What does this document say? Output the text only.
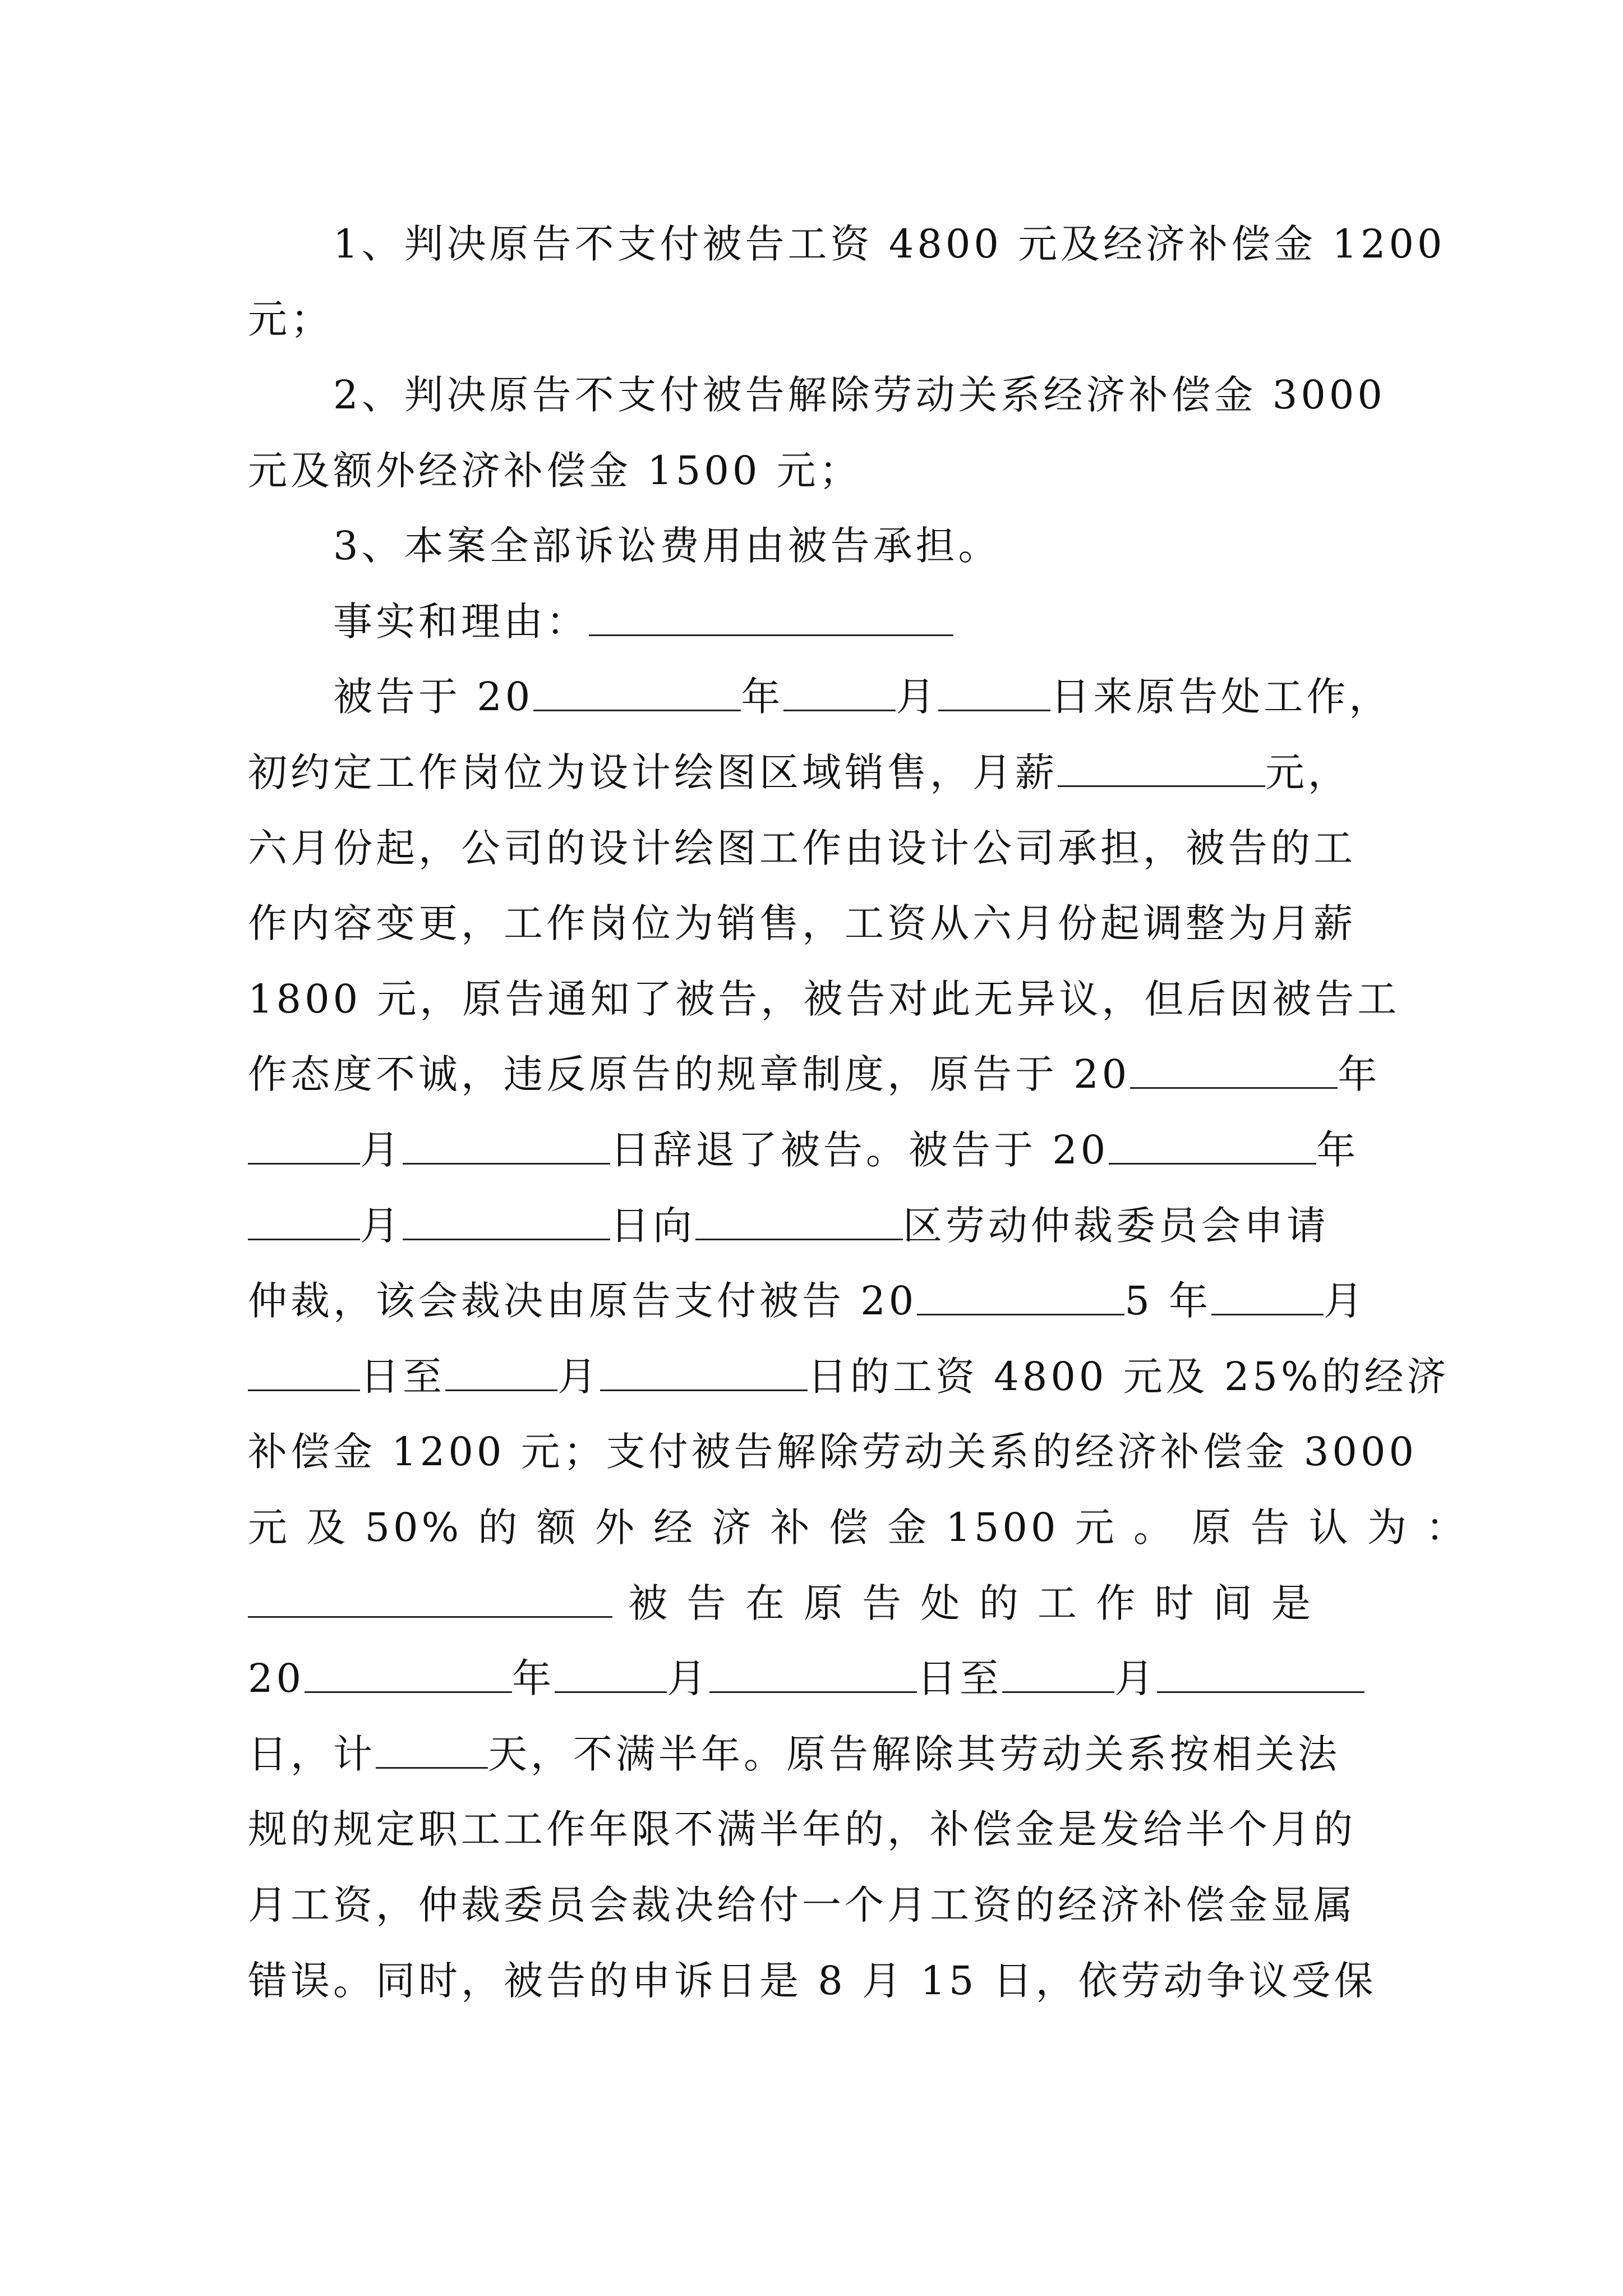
　　1、判决原告不支付被告工资 4800 元及经济补偿金 1200
元；
　　2、判决原告不支付被告解除劳动关系经济补偿金 3000
元及额外经济补偿金 1500 元；
　　3、本案全部诉讼费用由被告承担。
　　事实和理由：
　　被告于 20	年	月	日来原告处工作，
初约定工作岗位为设计绘图区域销售，月薪	元，
六月份起，公司的设计绘图工作由设计公司承担，被告的工
作内容变更，工作岗位为销售，工资从六月份起调整为月薪
1800 元，原告通知了被告，被告对此无异议，但后因被告工
作态度不诚，违反原告的规章制度，原告于 20	年
月	日辞退了被告。被告于 20	年
月	日向	区劳动仲裁委员会申请
仲裁，该会裁决由原告支付被告 20	5 年	月
日至	月	日的工资 4800 元及 25%的经济
补偿金 1200 元；支付被告解除劳动关系的经济补偿金 3000
元 及 50% 的 额 外 经 济 补 偿 金 1500 元 。 原 告 认 为 ：
被 告 在 原 告 处 的 工 作 时 间 是
20	年	月	日至	月
日，计	天，不满半年。原告解除其劳动关系按相关法
规的规定职工工作年限不满半年的，补偿金是发给半个月的
月工资，仲裁委员会裁决给付一个月工资的经济补偿金显属
错误。同时，被告的申诉日是 8 月 15 日，依劳动争议受保
